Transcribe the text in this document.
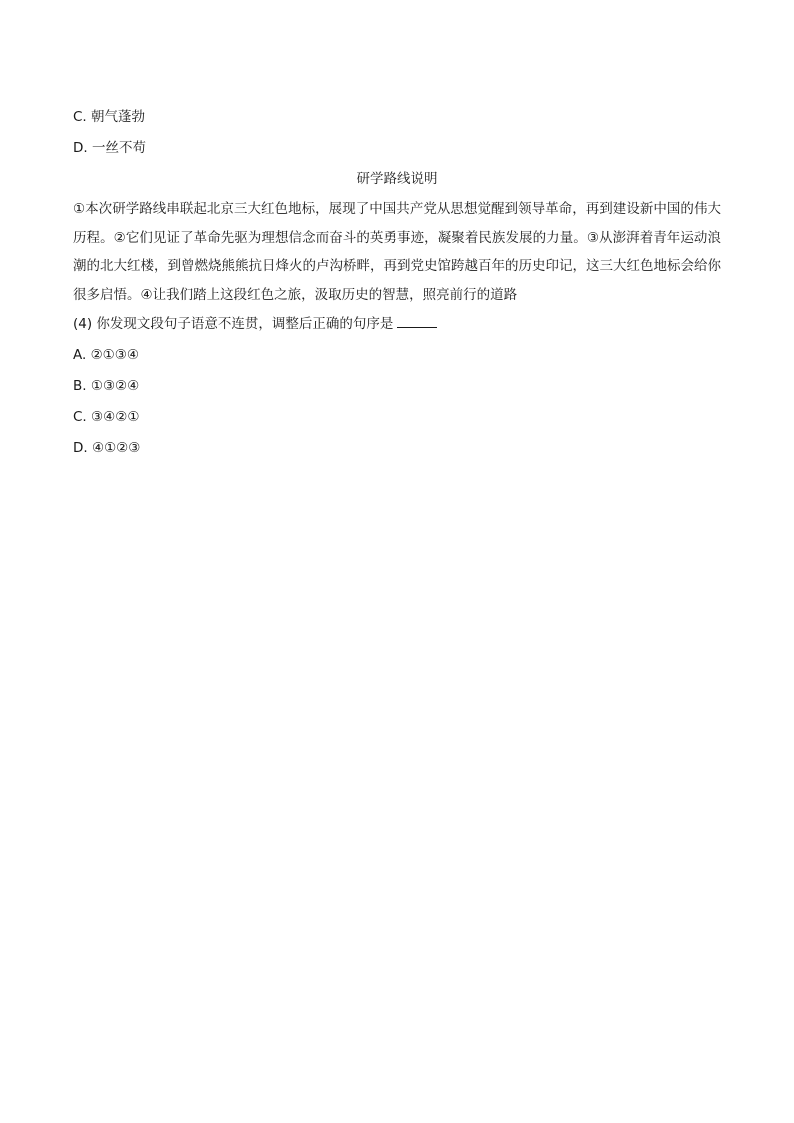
C. 朝气蓬勃
D. 一丝不苟
研学路线说明
①本次研学路线串联起北京三大红色地标，展现了中国共产党从思想觉醒到领导革命，再到建设新中国的伟大历程。②它们见证了革命先驱为理想信念而奋斗的英勇事迹，凝聚着民族发展的力量。③从澎湃着青年运动浪潮的北大红楼，到曾燃烧熊熊抗日烽火的卢沟桥畔，再到党史馆跨越百年的历史印记，这三大红色地标会给你很多启悟。④让我们踏上这段红色之旅，汲取历史的智慧，照亮前行的道路
(4) 你发现文段句子语意不连贯，调整后正确的句序是
A. ②①③④
B. ①③②④
C. ③④②①
D. ④①②③
